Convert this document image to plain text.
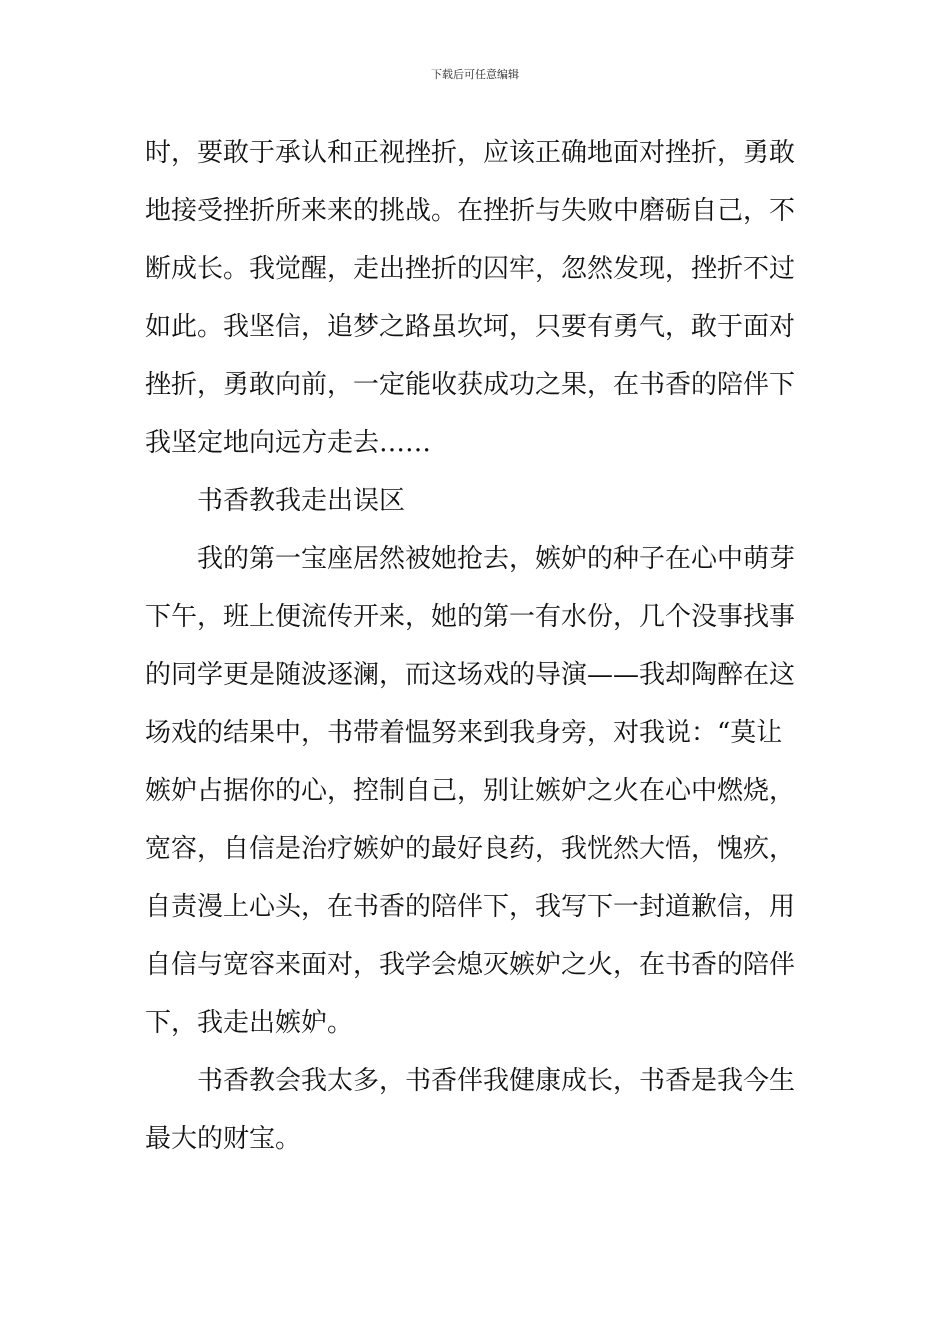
下载后可任意编辑
时，要敢于承认和正视挫折，应该正确地面对挫折，勇敢
地接受挫折所来来的挑战。在挫折与失败中磨砺自己，不
断成长。我觉醒，走出挫折的囚牢，忽然发现，挫折不过
如此。我坚信，追梦之路虽坎坷，只要有勇气，敢于面对
挫折，勇敢向前，一定能收获成功之果，在书香的陪伴下
我坚定地向远方走去……
书香教我走出误区
我的第一宝座居然被她抢去，嫉妒的种子在心中萌芽
下午，班上便流传开来，她的第一有水份，几个没事找事
的同学更是随波逐澜，而这场戏的导演——我却陶醉在这
场戏的结果中，书带着愠努来到我身旁，对我说：“莫让
嫉妒占据你的心，控制自己，别让嫉妒之火在心中燃烧，
宽容，自信是治疗嫉妒的最好良药，我恍然大悟，愧疚，
自责漫上心头，在书香的陪伴下，我写下一封道歉信，用
自信与宽容来面对，我学会熄灭嫉妒之火，在书香的陪伴
下，我走出嫉妒。
书香教会我太多，书香伴我健康成长，书香是我今生
最大的财宝。
